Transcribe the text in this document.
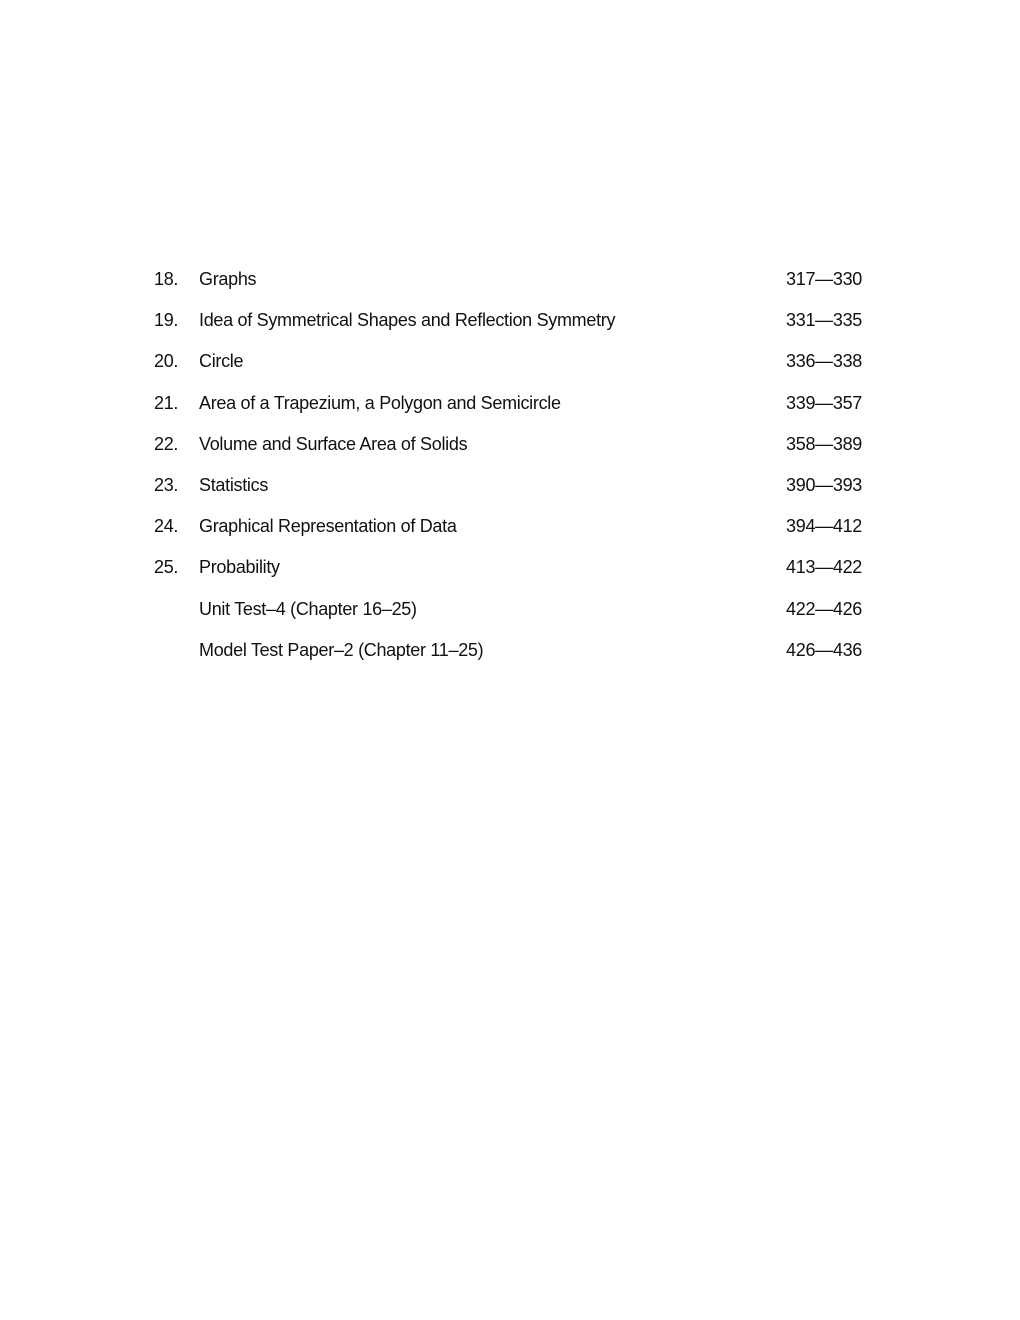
18. Graphs	317—330
19. Idea of Symmetrical Shapes and Reflection Symmetry	331—335
20. Circle	336—338
21. Area of a Trapezium, a Polygon and Semicircle	339—357
22. Volume and Surface Area of Solids	358—389
23. Statistics	390—393
24. Graphical Representation of Data	394—412
25. Probability	413—422
Unit Test–4 (Chapter 16–25)	422—426
Model Test Paper–2 (Chapter 11–25)	426—436
